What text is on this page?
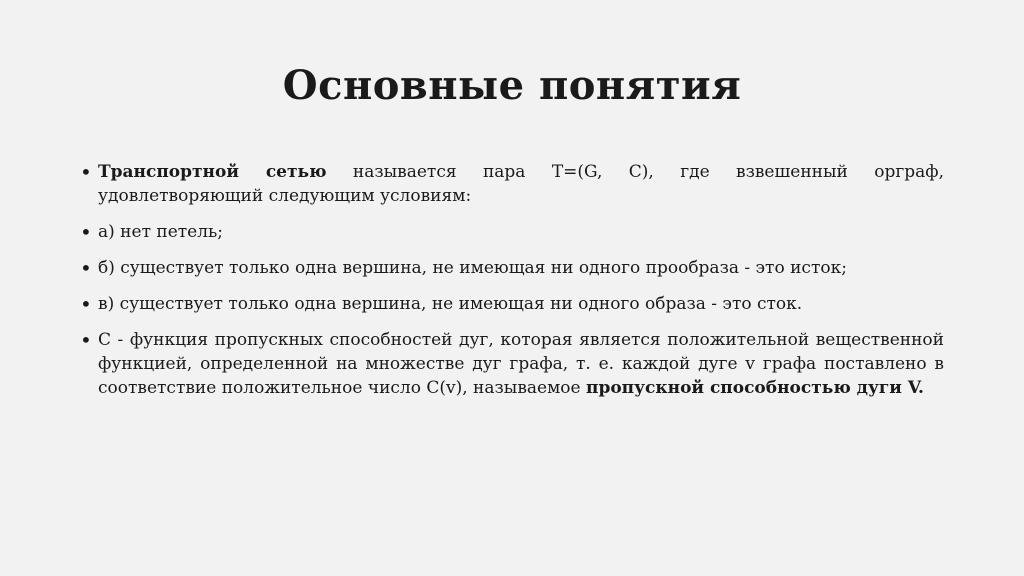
Основные понятия
• Транспортной сетью называется пара T=(G, C), где взвешенный орграф, удовлетворяющий следующим условиям:
• а) нет петель;
• б) существует только одна вершина, не имеющая ни одного прообраза - это исток;
• в) существует только одна вершина, не имеющая ни одного образа - это сток.
• С - функция пропускных способностей дуг, которая является положительной вещественной функцией, определенной на множестве дуг графа, т. е. каждой дуге v графа поставлено в соответствие положительное число С(v), называемое пропускной способностью дуги V.
